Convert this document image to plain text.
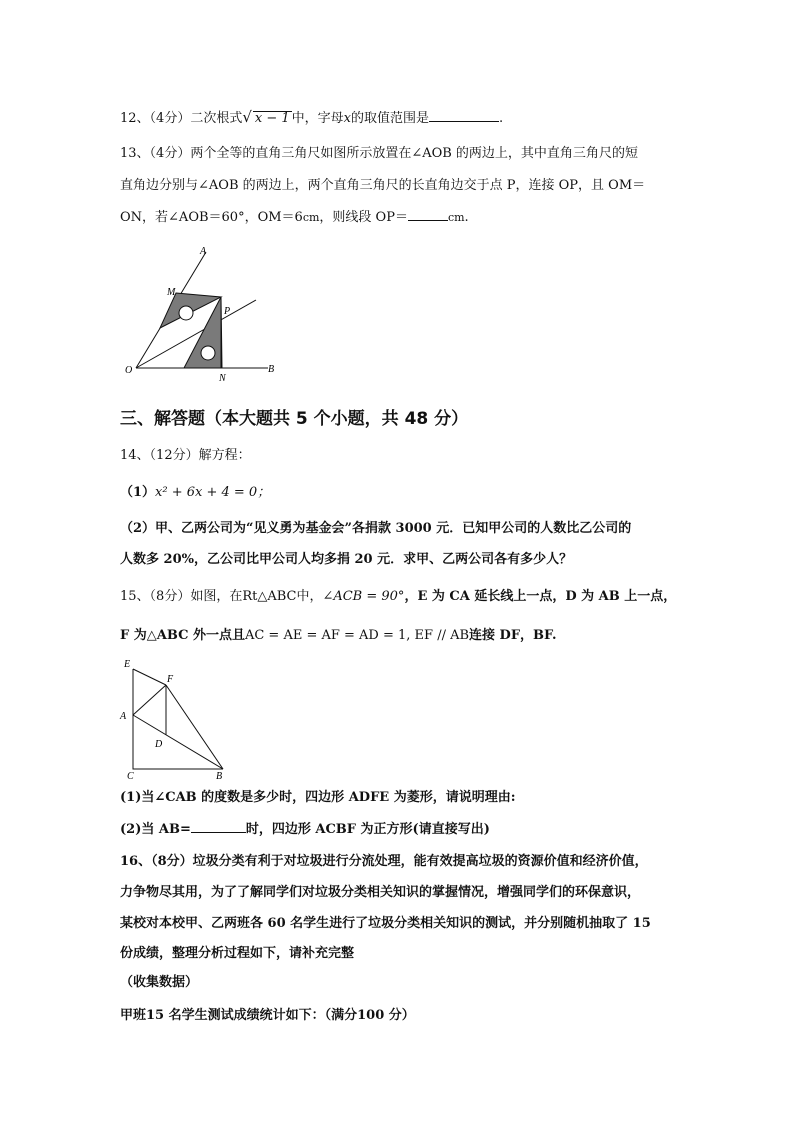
12、（4分）二次根式√ x − 1 中，字母x的取值范围是	.
13、（4分）两个全等的直角三角尺如图所示放置在∠AOB 的两边上，其中直角三角尺的短
直角边分别与∠AOB 的两边上，两个直角三角尺的长直角边交于点 P，连接 OP，且 OM＝
ON，若∠AOB＝60°，OM＝6cm，则线段 OP＝	cm.
A
M
P
O
N
B
三、解答题（本大题共 5 个小题，共 48 分）
14、（12分）解方程：
（1）x² + 6x + 4 = 0；
（2）甲、乙两公司为“见义勇为基金会”各捐款 3000 元．已知甲公司的人数比乙公司的
人数多 20%，乙公司比甲公司人均多捐 20 元．求甲、乙两公司各有多少人？
15、（8分）如图，在Rt△ABC中，∠ACB = 90°，E 为 CA 延长线上一点，D 为 AB 上一点，
F 为△ABC 外一点且AC = AE = AF = AD = 1, EF // AB连接 DF，BF.
E
F
A
D
C	B
(1)当∠CAB 的度数是多少时，四边形 ADFE 为菱形，请说明理由:
(2)当 AB=	时，四边形 ACBF 为正方形(请直接写出)
16、（8分）垃圾分类有利于对垃圾进行分流处理，能有效提高垃圾的资源价值和经济价值，
力争物尽其用，为了了解同学们对垃圾分类相关知识的掌握情况，增强同学们的环保意识，
某校对本校甲、乙两班各 60 名学生进行了垃圾分类相关知识的测试，并分别随机抽取了 15
份成绩，整理分析过程如下，请补充完整
（收集数据）
甲班15 名学生测试成绩统计如下：（满分100 分）
